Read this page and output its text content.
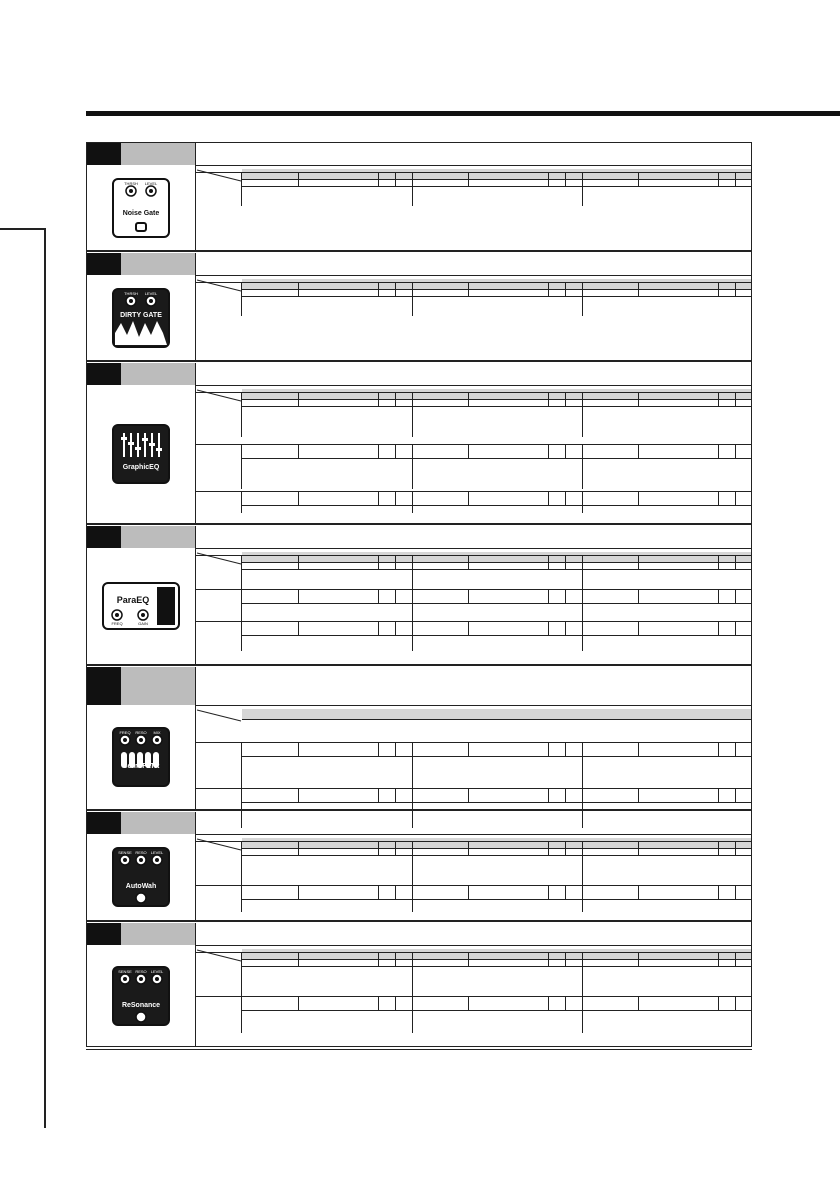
THRSH LEVEL
Noise Gate
THRSH LEVEL
DIRTY GATE
GraphicEQ
FREQ	GAIN
ParaEQ
FREQ RESO MIX
CombFLTR
SENSE RESO LEVEL
AutoWah
SENSE RESO LEVEL
ReSonance
